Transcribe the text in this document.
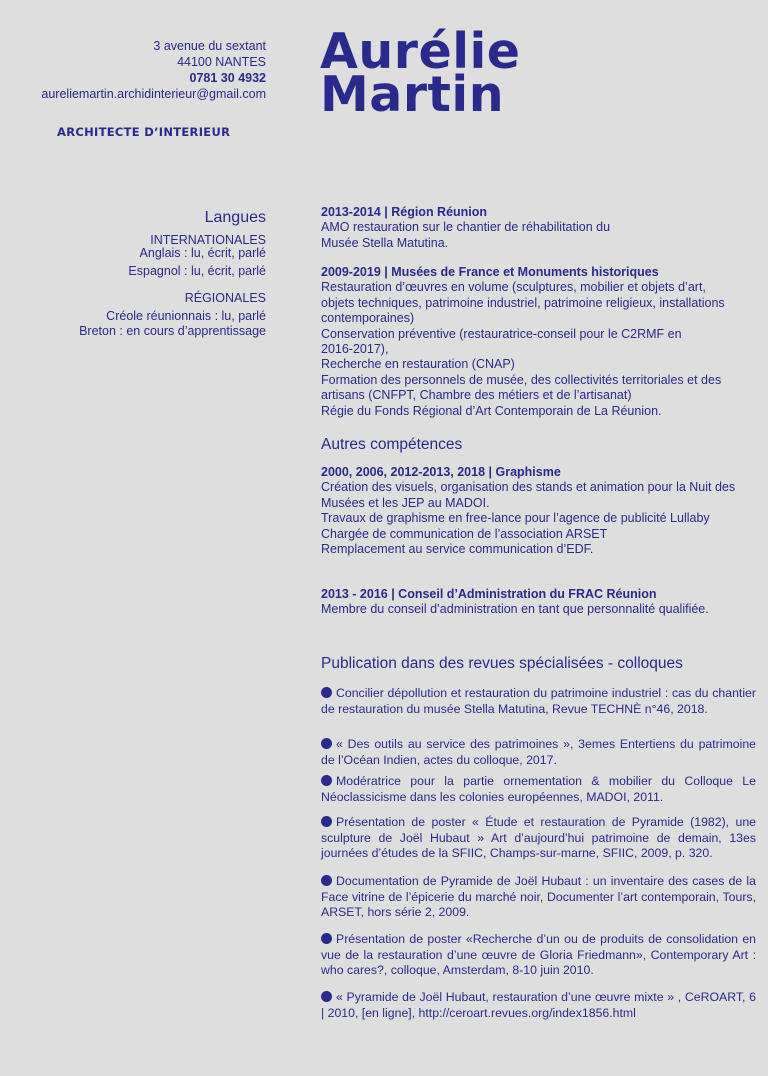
3 avenue du sextant
44100 NANTES
0781 30 4932
aureliemartin.archidinterieur@gmail.com
ARCHITECTE D’INTERIEUR
Aurélie
Martin
Langues
INTERNATIONALES
Anglais : lu, écrit, parlé
Espagnol : lu, écrit, parlé
RÉGIONALES
Créole réunionnais : lu, parlé
Breton : en cours d’apprentissage
2013-2014 | Région Réunion
AMO restauration sur le chantier de réhabilitation du
Musée Stella Matutina.
2009-2019 | Musées de France et Monuments historiques
Restauration d’œuvres en volume (sculptures, mobilier et objets d’art,
objets techniques, patrimoine industriel, patrimoine religieux, installations
contemporaines)
Conservation préventive (restauratrice-conseil pour le C2RMF en
2016-2017),
Recherche en restauration (CNAP)
Formation des personnels de musée, des collectivités territoriales et des
artisans (CNFPT, Chambre des métiers et de l’artisanat)
Régie du Fonds Régional d’Art Contemporain de La Réunion.
Autres compétences
2000, 2006, 2012-2013, 2018 | Graphisme
Création des visuels, organisation des stands et animation pour la Nuit des
Musées et les JEP au MADOI.
Travaux de graphisme en free-lance pour l’agence de publicité Lullaby
Chargée de communication de l’association ARSET
Remplacement au service communication d’EDF.
2013 - 2016 | Conseil d’Administration du FRAC Réunion
Membre du conseil d’administration en tant que personnalité qualifiée.
Publication dans des revues spécialisées - colloques
Concilier dépollution et restauration du patrimoine industriel : cas du chantier de restauration du musée Stella Matutina, Revue TECHNÈ n°46, 2018.
« Des outils au service des patrimoines », 3emes Entertiens du patrimoine de l’Océan Indien, actes du colloque, 2017.
Modératrice pour la partie ornementation & mobilier du Colloque Le Néoclassicisme dans les colonies européennes, MADOI, 2011.
Présentation de poster « Étude et restauration de Pyramide (1982), une sculpture de Joël Hubaut » Art d’aujourd’hui patrimoine de demain, 13es journées d’études de la SFIIC, Champs-sur-marne, SFIIC, 2009, p. 320.
Documentation de Pyramide de Joël Hubaut : un inventaire des cases de la Face vitrine de l’épicerie du marché noir, Documenter l’art contemporain, Tours, ARSET, hors série 2, 2009.
Présentation de poster «Recherche d’un ou de produits de consolidation en vue de la restauration d’une œuvre de Gloria Friedmann», Contemporary Art : who cares?, colloque, Amsterdam, 8-10 juin 2010.
« Pyramide de Joël Hubaut, restauration d’une œuvre mixte » , CeROART, 6 | 2010, [en ligne], http://ceroart.revues.org/index1856.html
